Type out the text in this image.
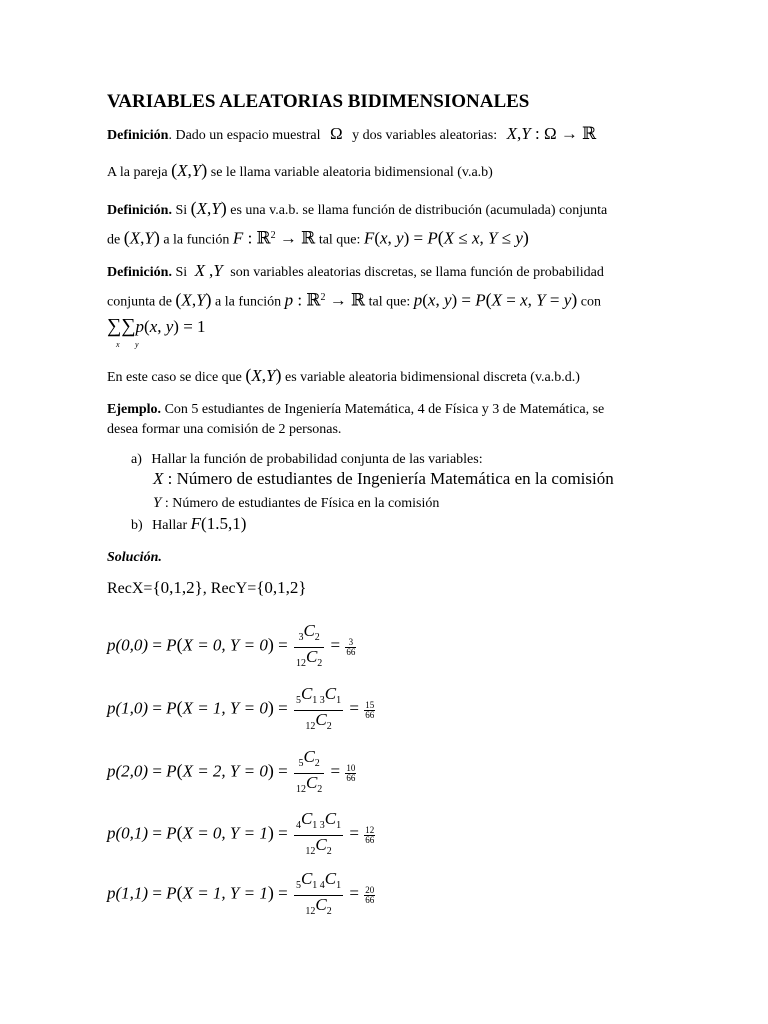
VARIABLES ALEATORIAS BIDIMENSIONALES
Definición. Dado un espacio muestral Ω y dos variables aleatorias: X,Y : Ω → ℝ
A la pareja (X,Y) se le llama variable aleatoria bidimensional (v.a.b)
Definición. Si (X,Y) es una v.a.b. se llama función de distribución (acumulada) conjunta
de (X,Y) a la función F : ℝ$^2$ → ℝ tal que: F(x, y) = P(X ≤ x, Y ≤ y)
Definición. Si X ,Y son variables aleatorias discretas, se llama función de probabilidad
conjunta de (X,Y) a la función p : ℝ$^2$ → ℝ tal que: p(x, y) = P(X = x, Y = y) con
∑∑p(x, y) = 1
x y
En este caso se dice que (X,Y) es variable aleatoria bidimensional discreta (v.a.b.d.)
Ejemplo. Con 5 estudiantes de Ingeniería Matemática, 4 de Física y 3 de Matemática, se
desea formar una comisión de 2 personas.
a) Hallar la función de probabilidad conjunta de las variables:
X : Número de estudiantes de Ingeniería Matemática en la comisión
Y : Número de estudiantes de Física en la comisión
b) Hallar F(1.5,1)
Solución.
RecX={0,1,2}, RecY={0,1,2}
p(0,0) = P(X = 0, $Y = 0) = \frac{_3C_2}{_{12}C_2} = \frac{3}{66}$
p(1,0) = P(X = 1, $Y = 0) = \frac{_5C_{1 3}C_1}{_{12}C_2} = \frac{15}{66}$
p(2,0) = P(X = 2, $Y = 0) = \frac{_5C_2}{_{12}C_2} = \frac{10}{66}$
p(0,1) = P(X = 0, $Y = 1) = \frac{_4C_{1 3}C_1}{_{12}C_2} = \frac{12}{66}$
p(1,1) = P(X = 1, $Y = 1) = \frac{_5C_{1 4}C_1}{_{12}C_2} = \frac{20}{66}$
